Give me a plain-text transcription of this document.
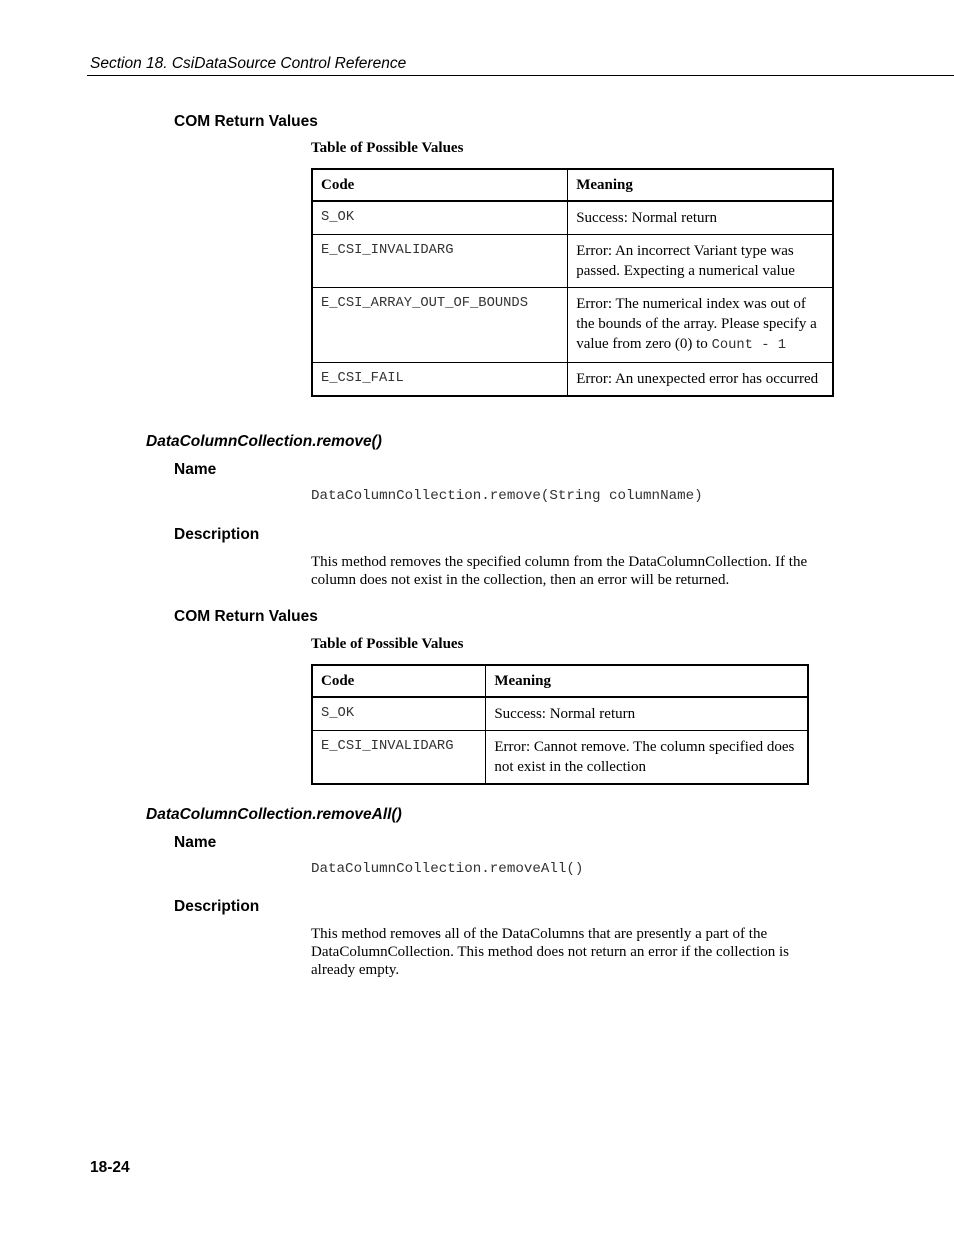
Section 18. CsiDataSource Control Reference
COM Return Values
Table of Possible Values
Code	Meaning
S_OK	Success: Normal return
E_CSI_INVALIDARG	Error: An incorrect Variant type was passed. Expecting a numerical value
E_CSI_ARRAY_OUT_OF_BOUNDS	Error: The numerical index was out of the bounds of the array. Please specify a value from zero (0) to Count - 1
E_CSI_FAIL	Error: An unexpected error has occurred
DataColumnCollection.remove()
Name
DataColumnCollection.remove(String columnName)
Description
This method removes the specified column from the DataColumnCollection. If the column does not exist in the collection, then an error will be returned.
COM Return Values
Table of Possible Values
Code	Meaning
S_OK	Success: Normal return
E_CSI_INVALIDARG	Error: Cannot remove. The column specified does not exist in the collection
DataColumnCollection.removeAll()
Name
DataColumnCollection.removeAll()
Description
This method removes all of the DataColumns that are presently a part of the DataColumnCollection. This method does not return an error if the collection is already empty.
18-24
